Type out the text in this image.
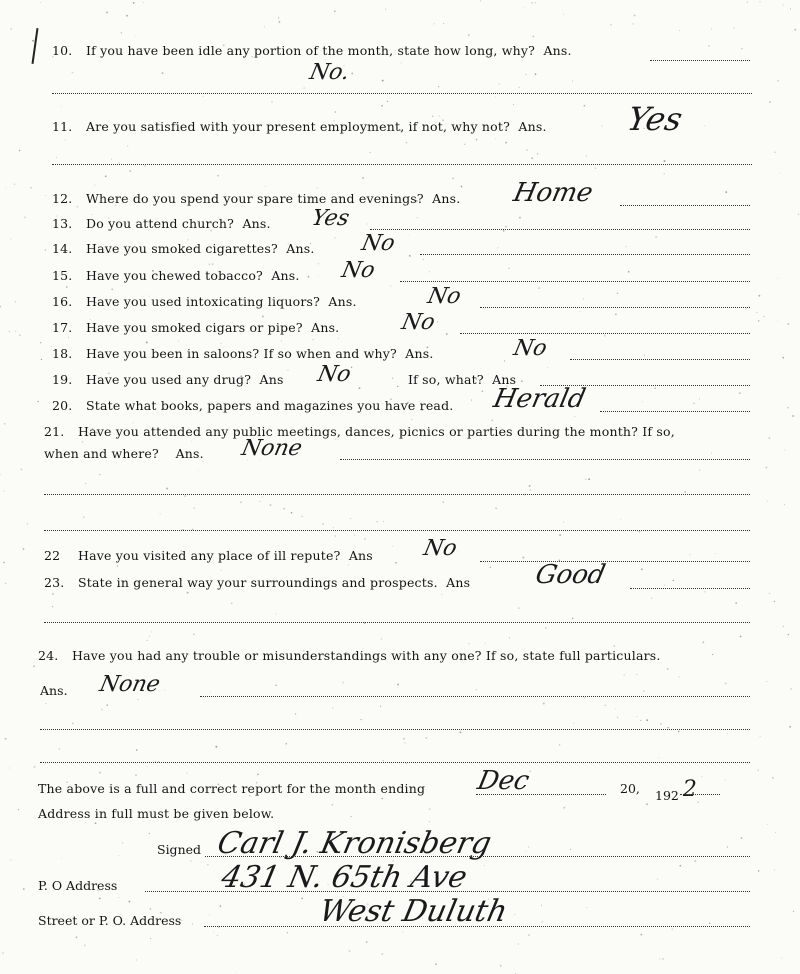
10. If you have been idle any portion of the month, state how long, why? Ans.
No.
11. Are you satisfied with your present employment, if not, why not? Ans. Yes
12. Where do you spend your spare time and evenings? Ans. Home
13. Do you attend church? Ans. Yes
14. Have you smoked cigarettes? Ans. No
15. Have you chewed tobacco? Ans. No
16. Have you used intoxicating liquors? Ans.	No
17. Have you smoked cigars or pipe? Ans.	No
18. Have you been in saloons? If so when and why? Ans.	No
19. Have you used any drug? Ans No	If so, what? Ans
20. State what books, papers and magazines you have read. Herald
21. Have you attended any public meetings, dances, picnics or parties during the month? If so,
when and where? Ans. None
22 Have you visited any place of ill repute? Ans No
23. State in general way your surroundings and prospects. Ans Good
24. Have you had any trouble or misunderstandings with any one? If so, state full particulars.
Ans. None
The above is a full and correct report for the month ending Dec	20, 192 2
Address in full must be given below.
Signed Carl J. Kronisberg
P. O Address	431 N. 65th Ave
Street or P. O. Address	West Duluth
